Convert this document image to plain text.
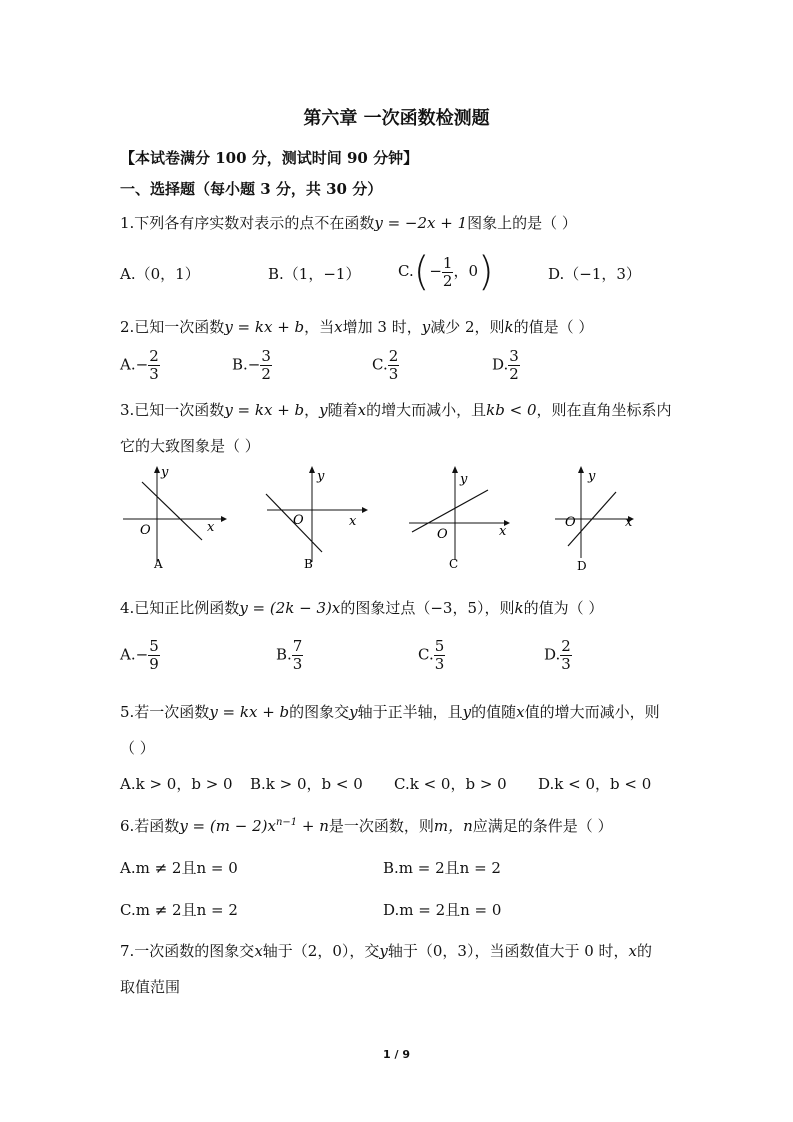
第六章 一次函数检测题
【本试卷满分 100 分，测试时间 90 分钟】
一、选择题（每小题 3 分，共 30 分）
1.下列各有序实数对表示的点不在函数y = −2x + 1图象上的是（ ）
A.（0，1）	B.（1，−1）	$C.(- \frac{1}{2}$ ，0)	D.（−1，3）
2.已知一次函数y = kx + b，当x增加 3 时，y减少 2，则k的值是（ ）
$A.- \frac{2}{3}$	$B.- \frac{3}{2}$	C. $\frac{2}{3}$	D. $\frac{3}{2}$
3.已知一次函数y = kx + b，y随着x的增大而减小，且kb < 0，则在直角坐标系内
它的大致图象是（ ）
y
x
O
A
y
x
O
B
y
x
O
C
y
x
O
D
4.已知正比例函数y = (2k − 3)x的图象过点（−3，5），则k的值为（ ）
$A.- \frac{5}{9}$	B. $\frac{7}{3}$	C. $\frac{5}{3}$	D. $\frac{2}{3}$
5.若一次函数y = kx + b的图象交y轴于正半轴，且y的值随x值的增大而减小，则
（ ）
A.k > 0，b > 0 B.k > 0，b < 0 C.k < 0，b > 0 D.k < 0，b < 0
6.若函数$y = (m - 2)x^{n-1} + n$是一次函数，则m，n应满足的条件是（ ）
A.m ≠ 2且n = 0	B.m = 2且n = 2
C.m ≠ 2且n = 2	D.m = 2且n = 0
7.一次函数的图象交x轴于（2，0），交y轴于（0，3），当函数值大于 0 时，x的
取值范围
1 / 9
